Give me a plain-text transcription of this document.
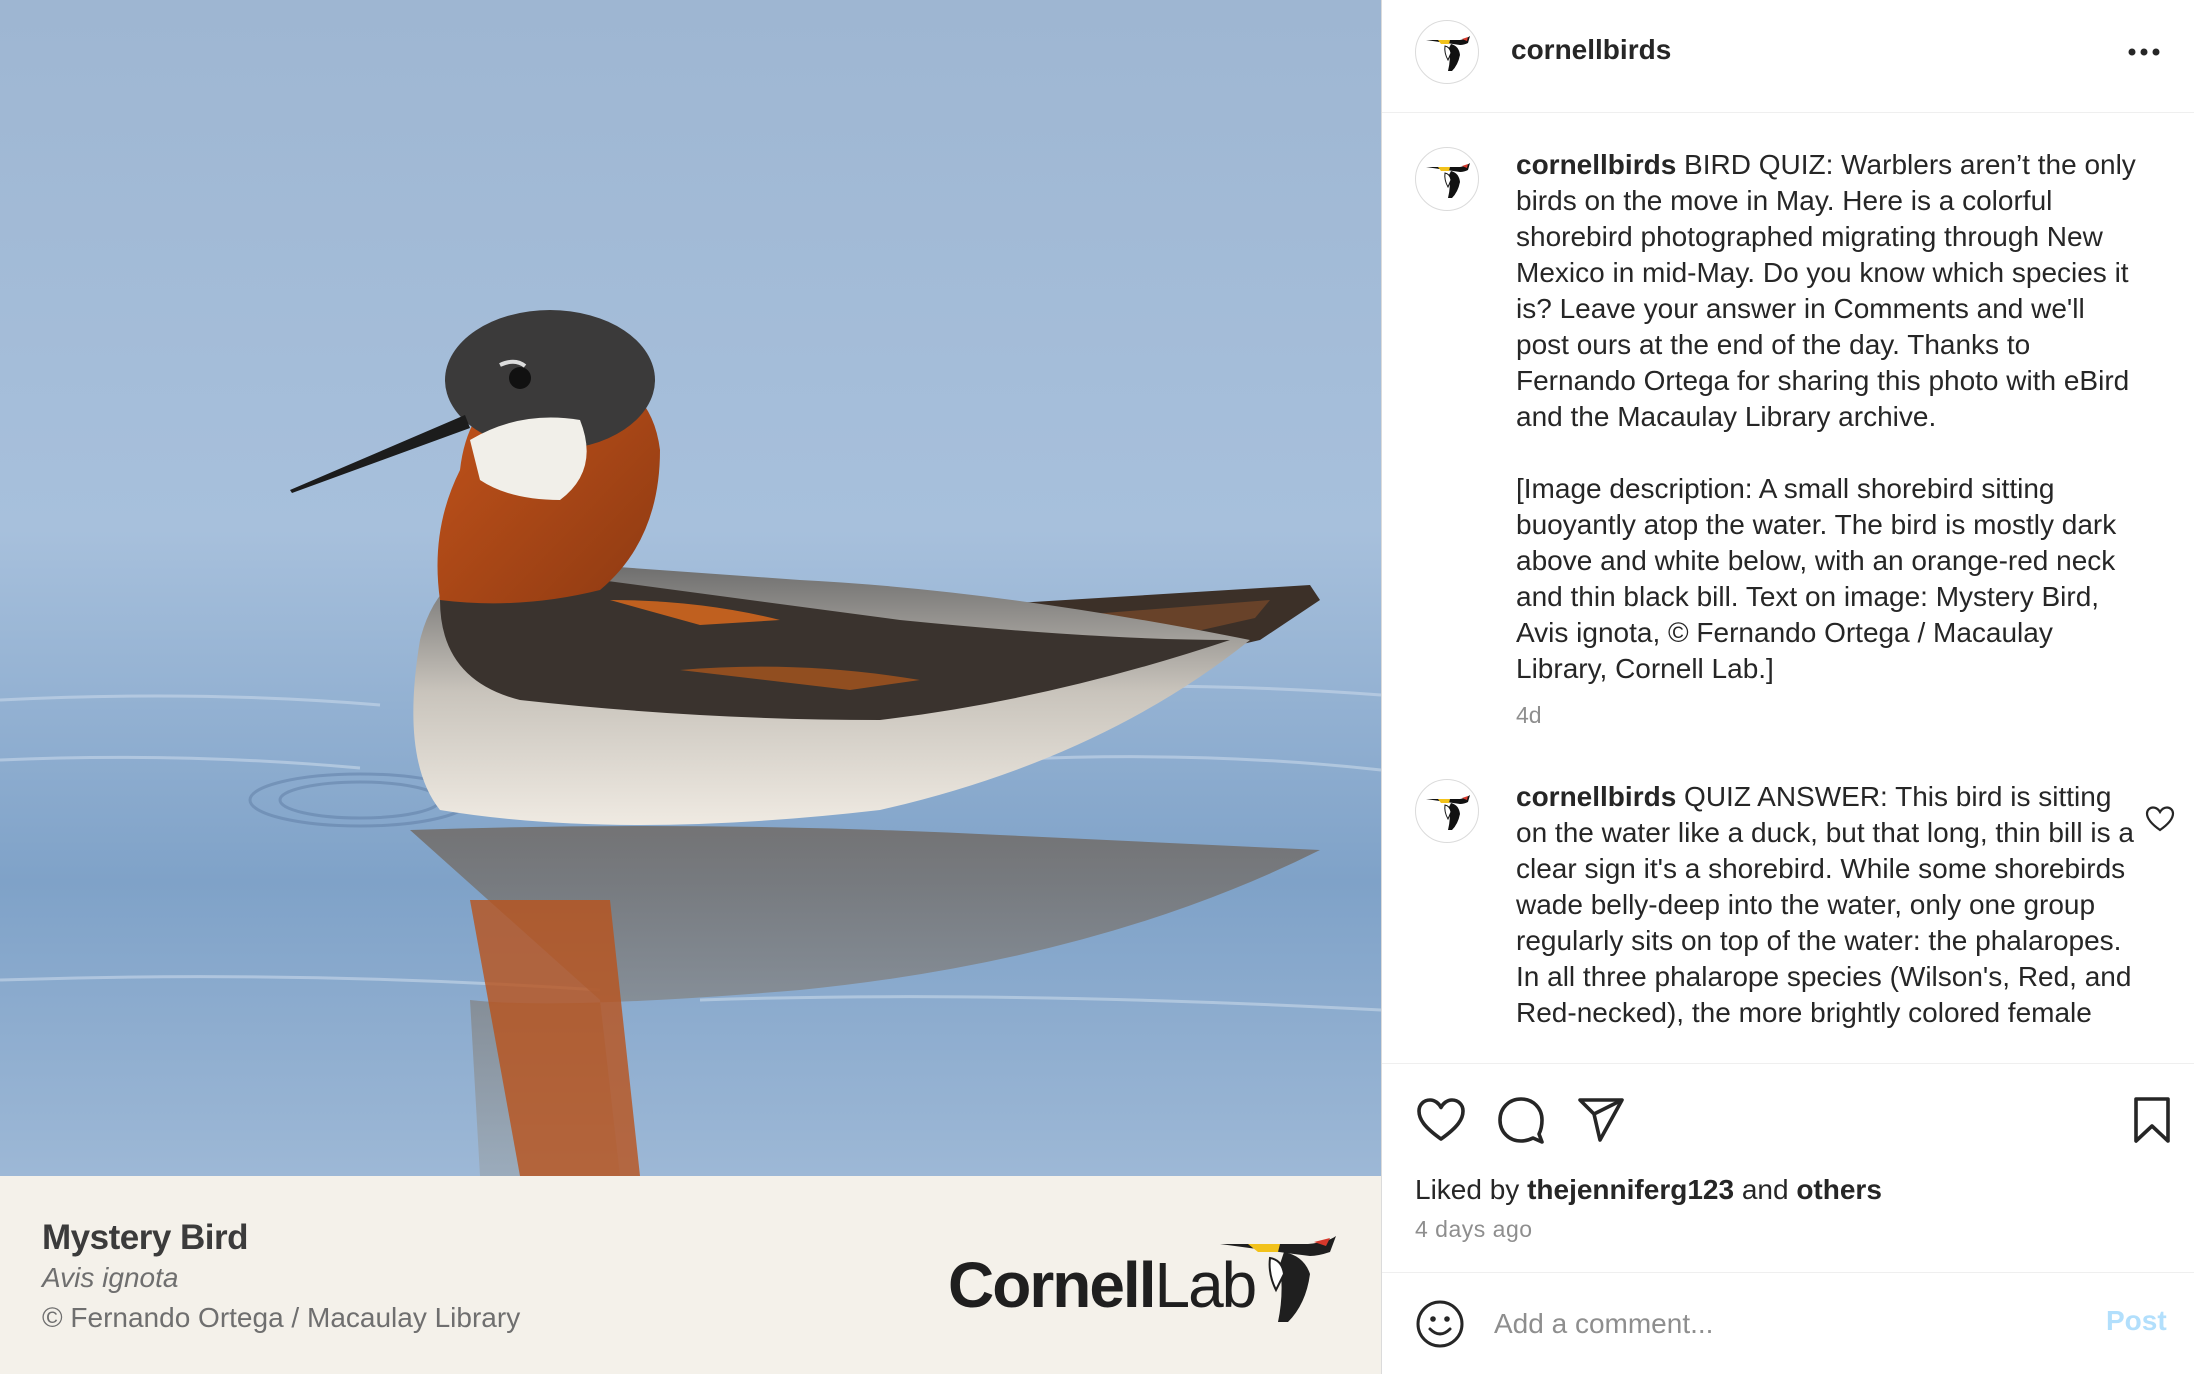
Mystery Bird
Avis ignota
© Fernando Ortega / Macaulay Library	CornellLab
cornellbirds

cornellbirds BIRD QUIZ: Warblers aren’t the only birds on the move in May. Here is a colorful shorebird photographed migrating through New Mexico in mid-May. Do you know which species it is? Leave your answer in Comments and we'll post ours at the end of the day. Thanks to Fernando Ortega for sharing this photo with eBird and the Macaulay Library archive.

[Image description: A small shorebird sitting buoyantly atop the water. The bird is mostly dark above and white below, with an orange-red neck and thin black bill. Text on image: Mystery Bird, Avis ignota, © Fernando Ortega / Macaulay Library, Cornell Lab.]

4d

cornellbirds QUIZ ANSWER: This bird is sitting on the water like a duck, but that long, thin bill is a clear sign it's a shorebird. While some shorebirds wade belly-deep into the water, only one group regularly sits on top of the water: the phalaropes. In all three phalarope species (Wilson's, Red, and Red-necked), the more brightly colored female

Liked by thejenniferg123 and others
4 days ago
Add a comment...
Post
